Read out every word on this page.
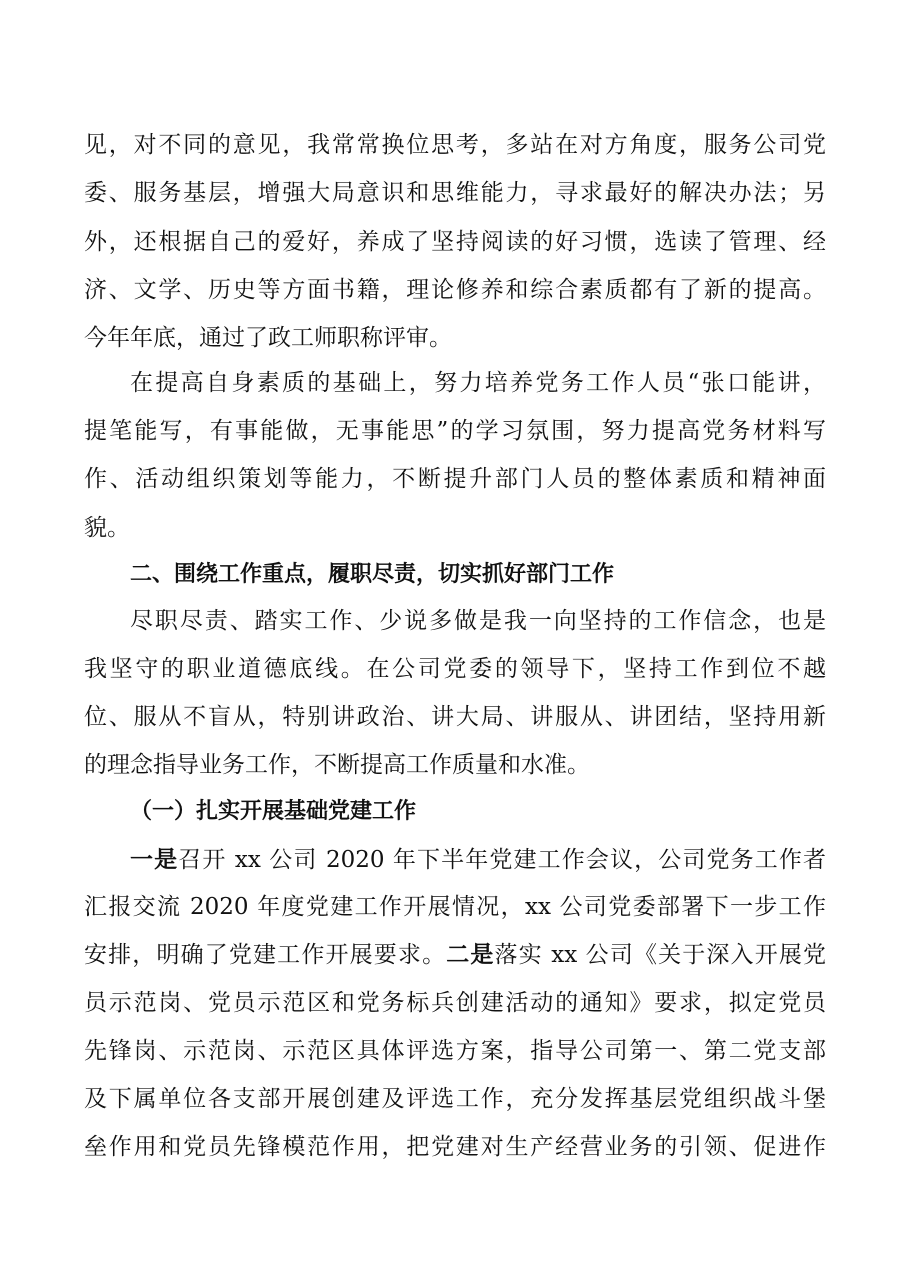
见，对不同的意见，我常常换位思考，多站在对方角度，服务公司党
委、服务基层，增强大局意识和思维能力，寻求最好的解决办法；另
外，还根据自己的爱好，养成了坚持阅读的好习惯，选读了管理、经
济、文学、历史等方面书籍，理论修养和综合素质都有了新的提高。
今年年底，通过了政工师职称评审。
在提高自身素质的基础上，努力培养党务工作人员“张口能讲，
提笔能写，有事能做，无事能思”的学习氛围，努力提高党务材料写
作、活动组织策划等能力，不断提升部门人员的整体素质和精神面
貌。
二、围绕工作重点，履职尽责，切实抓好部门工作
尽职尽责、踏实工作、少说多做是我一向坚持的工作信念，也是
我坚守的职业道德底线。在公司党委的领导下，坚持工作到位不越
位、服从不盲从，特别讲政治、讲大局、讲服从、讲团结，坚持用新
的理念指导业务工作，不断提高工作质量和水准。
（一）扎实开展基础党建工作
一是召开 xx 公司 2020 年下半年党建工作会议，公司党务工作者
汇报交流 2020 年度党建工作开展情况，xx 公司党委部署下一步工作
安排，明确了党建工作开展要求。二是落实 xx 公司《关于深入开展党
员示范岗、党员示范区和党务标兵创建活动的通知》要求，拟定党员
先锋岗、示范岗、示范区具体评选方案，指导公司第一、第二党支部
及下属单位各支部开展创建及评选工作，充分发挥基层党组织战斗堡
垒作用和党员先锋模范作用，把党建对生产经营业务的引领、促进作
